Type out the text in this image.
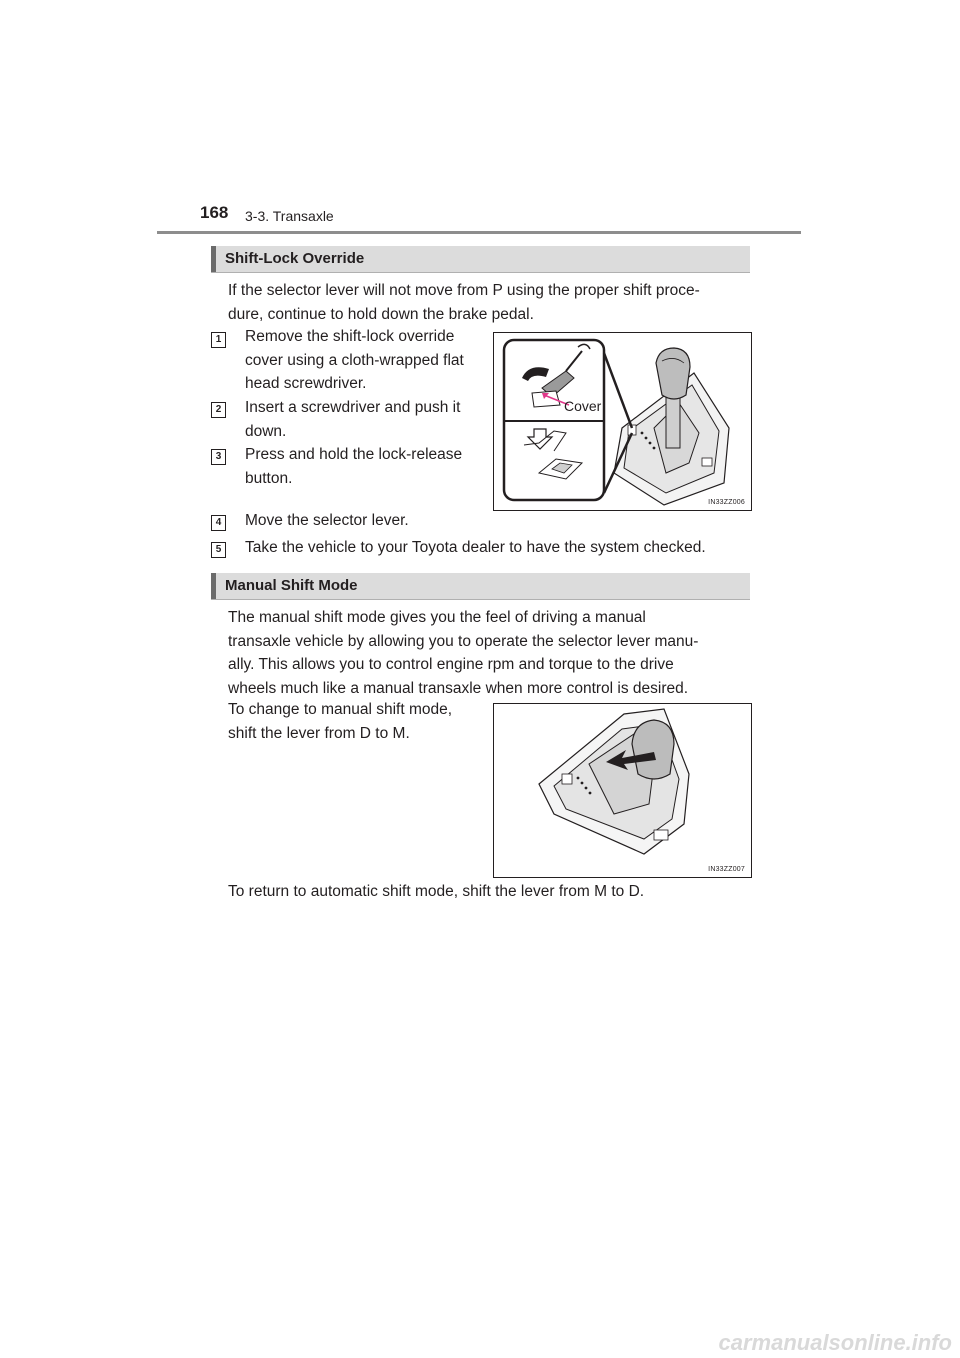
168 3-3. Transaxle
Shift-Lock Override
If the selector lever will not move from P using the proper shift proce-
dure, continue to hold down the brake pedal.
1	Remove the shift-lock override
cover using a cloth-wrapped flat
head screwdriver.
2	Insert a screwdriver and push it
down.
3	Press and hold the lock-release
button.
Cover
IN33ZZ006
4	Move the selector lever.
5	Take the vehicle to your Toyota dealer to have the system checked.
Manual Shift Mode
The manual shift mode gives you the feel of driving a manual
transaxle vehicle by allowing you to operate the selector lever manu-
ally. This allows you to control engine rpm and torque to the drive
wheels much like a manual transaxle when more control is desired.
To change to manual shift mode,
shift the lever from D to M.
IN33ZZ007
To return to automatic shift mode, shift the lever from M to D.
carmanualsonline.info
